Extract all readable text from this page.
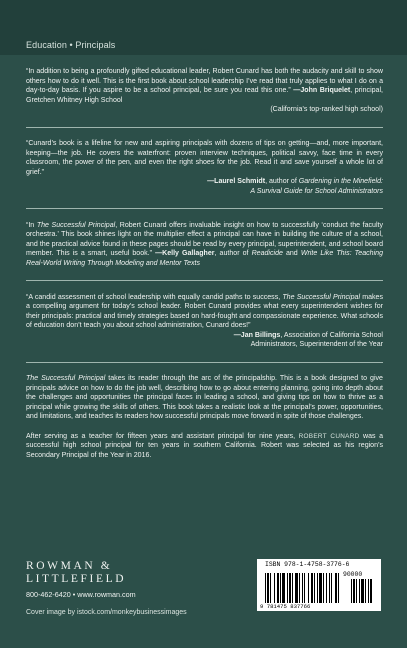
Education • Principals
“In addition to being a profoundly gifted educational leader, Robert Cunard has both the audacity and skill to show others how to do it well. This is the first book about school leadership I’ve read that truly applies to what I do on a day-to-day basis. If you aspire to be a school principal, be sure you read this one.” —John Briquelet, principal, Gretchen Whitney High School
(California’s top-ranked high school)
“Cunard’s book is a lifeline for new and aspiring principals with dozens of tips on getting—and, more important, keeping—the job. He covers the waterfront: proven interview techniques, political savvy, face time in every classroom, the power of the pen, and even the right shoes for the job. Read it and save yourself a whole lot of grief.”
—Laurel Schmidt, author of Gardening in the Minefield:
A Survival Guide for School Administrators
“In The Successful Principal, Robert Cunard offers invaluable insight on how to successfully ‘conduct the faculty orchestra.’ This book shines light on the multiplier effect a principal can have in building the culture of a school, and the practical advice found in these pages should be read by every principal, superintendent, and school board member. This is a smart, useful book.” —Kelly Gallagher, author of Readicide and Write Like This: Teaching Real-World Writing Through Modeling and Mentor Texts
“A candid assessment of school leadership with equally candid paths to success, The Successful Principal makes a compelling argument for today’s school leader. Robert Cunard provides what every superintendent wishes for their principals: practical and timely strategies based on hard-fought and compassionate experience. What schools of education don’t teach you about school administration, Cunard does!”
—Jan Billings, Association of California School
Administrators, Superintendent of the Year
The Successful Principal takes its reader through the arc of the principalship. This is a book designed to give principals advice on how to do the job well, describing how to go about entering planning, going into depth about the challenges and opportunities the principal faces in leading a school, and giving tips on how to thrive as a principal while growing the skills of others. This book takes a realistic look at the principal’s power, opportunities, and limitations, and teaches its readers how successful principals move forward in spite of those challenges.
After serving as a teacher for fifteen years and assistant principal for nine years, ROBERT CUNARD was a successful high school principal for ten years in southern California. Robert was selected as his region’s Secondary Principal of the Year in 2016.
ROWMAN &
LITTLEFIELD
800-462-6420 • www.rowman.com
Cover image by istock.com/monkeybusinessimages
ISBN 978-1-4758-3776-6
90000
9 781475 837766
